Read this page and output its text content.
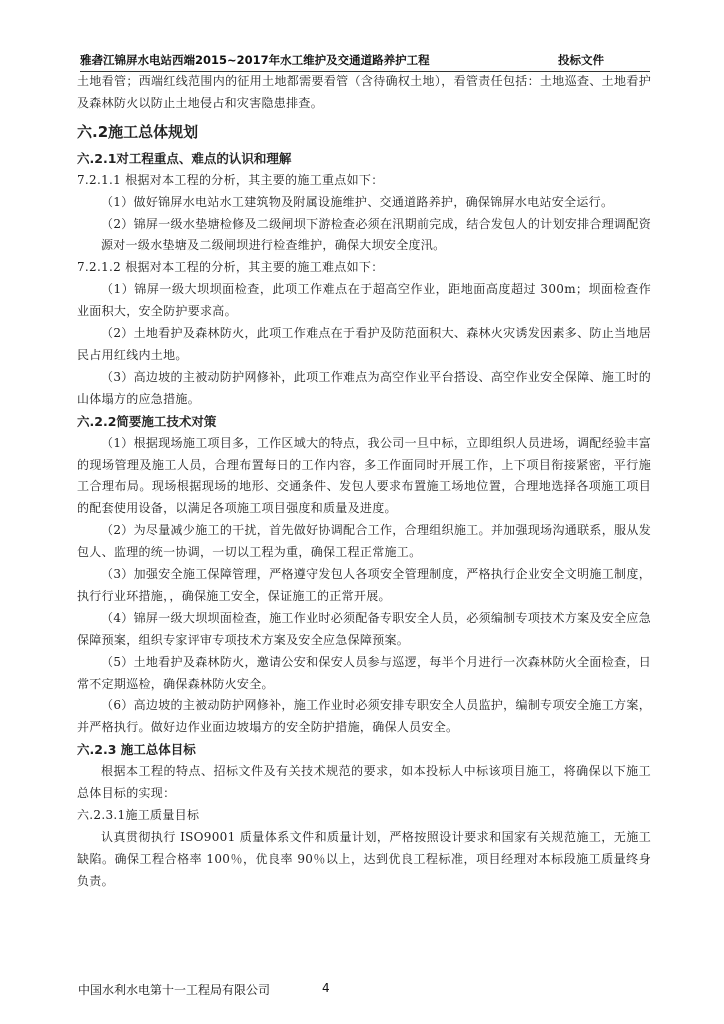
雅砻江锦屏水电站西端2015~2017年水工维护及交通道路养护工程	投标文件

土地看管；西端红线范围内的征用土地都需要看管（含待确权土地），看管责任包括：土地巡查、土地看护及森林防火以防止土地侵占和灾害隐患排查。

六.2施工总体规划

六.2.1对工程重点、难点的认识和理解

7.2.1.1 根据对本工程的分析，其主要的施工重点如下：

（1）做好锦屏水电站水工建筑物及附属设施维护、交通道路养护，确保锦屏水电站安全运行。

（2）锦屏一级水垫塘检修及二级闸坝下游检查必须在汛期前完成，结合发包人的计划安排合理调配资源对一级水垫塘及二级闸坝进行检查维护，确保大坝安全度汛。

7.2.1.2 根据对本工程的分析，其主要的施工难点如下：

（1）锦屏一级大坝坝面检查，此项工作难点在于超高空作业，距地面高度超过 300m；坝面检查作业面积大，安全防护要求高。

（2）土地看护及森林防火，此项工作难点在于看护及防范面积大、森林火灾诱发因素多、防止当地居民占用红线内土地。

（3）高边坡的主被动防护网修补，此项工作难点为高空作业平台搭设、高空作业安全保障、施工时的山体塌方的应急措施。

六.2.2简要施工技术对策

（1）根据现场施工项目多，工作区域大的特点，我公司一旦中标，立即组织人员进场，调配经验丰富的现场管理及施工人员，合理布置每日的工作内容，多工作面同时开展工作，上下项目衔接紧密，平行施工合理布局。现场根据现场的地形、交通条件、发包人要求布置施工场地位置，合理地选择各项施工项目的配套使用设备，以满足各项施工项目强度和质量及进度。

（2）为尽量减少施工的干扰，首先做好协调配合工作，合理组织施工。并加强现场沟通联系，服从发包人、监理的统一协调，一切以工程为重，确保工程正常施工。

（3）加强安全施工保障管理，严格遵守发包人各项安全管理制度，严格执行企业安全文明施工制度，执行行业环措施，，确保施工安全，保证施工的正常开展。

（4）锦屏一级大坝坝面检查，施工作业时必须配备专职安全人员，必须编制专项技术方案及安全应急保障预案，组织专家评审专项技术方案及安全应急保障预案。

（5）土地看护及森林防火，邀请公安和保安人员参与巡逻，每半个月进行一次森林防火全面检查，日常不定期巡检，确保森林防火安全。

（6）高边坡的主被动防护网修补，施工作业时必须安排专职安全人员监护，编制专项安全施工方案，并严格执行。做好边作业面边坡塌方的安全防护措施，确保人员安全。

六.2.3 施工总体目标

根据本工程的特点、招标文件及有关技术规范的要求，如本投标人中标该项目施工，将确保以下施工总体目标的实现：

六.2.3.1施工质量目标

认真贯彻执行 ISO9001 质量体系文件和质量计划，严格按照设计要求和国家有关规范施工，无施工缺陷。确保工程合格率 100％，优良率 90％以上，达到优良工程标准，项目经理对本标段施工质量终身负责。

中国水利水电第十一工程局有限公司	4
